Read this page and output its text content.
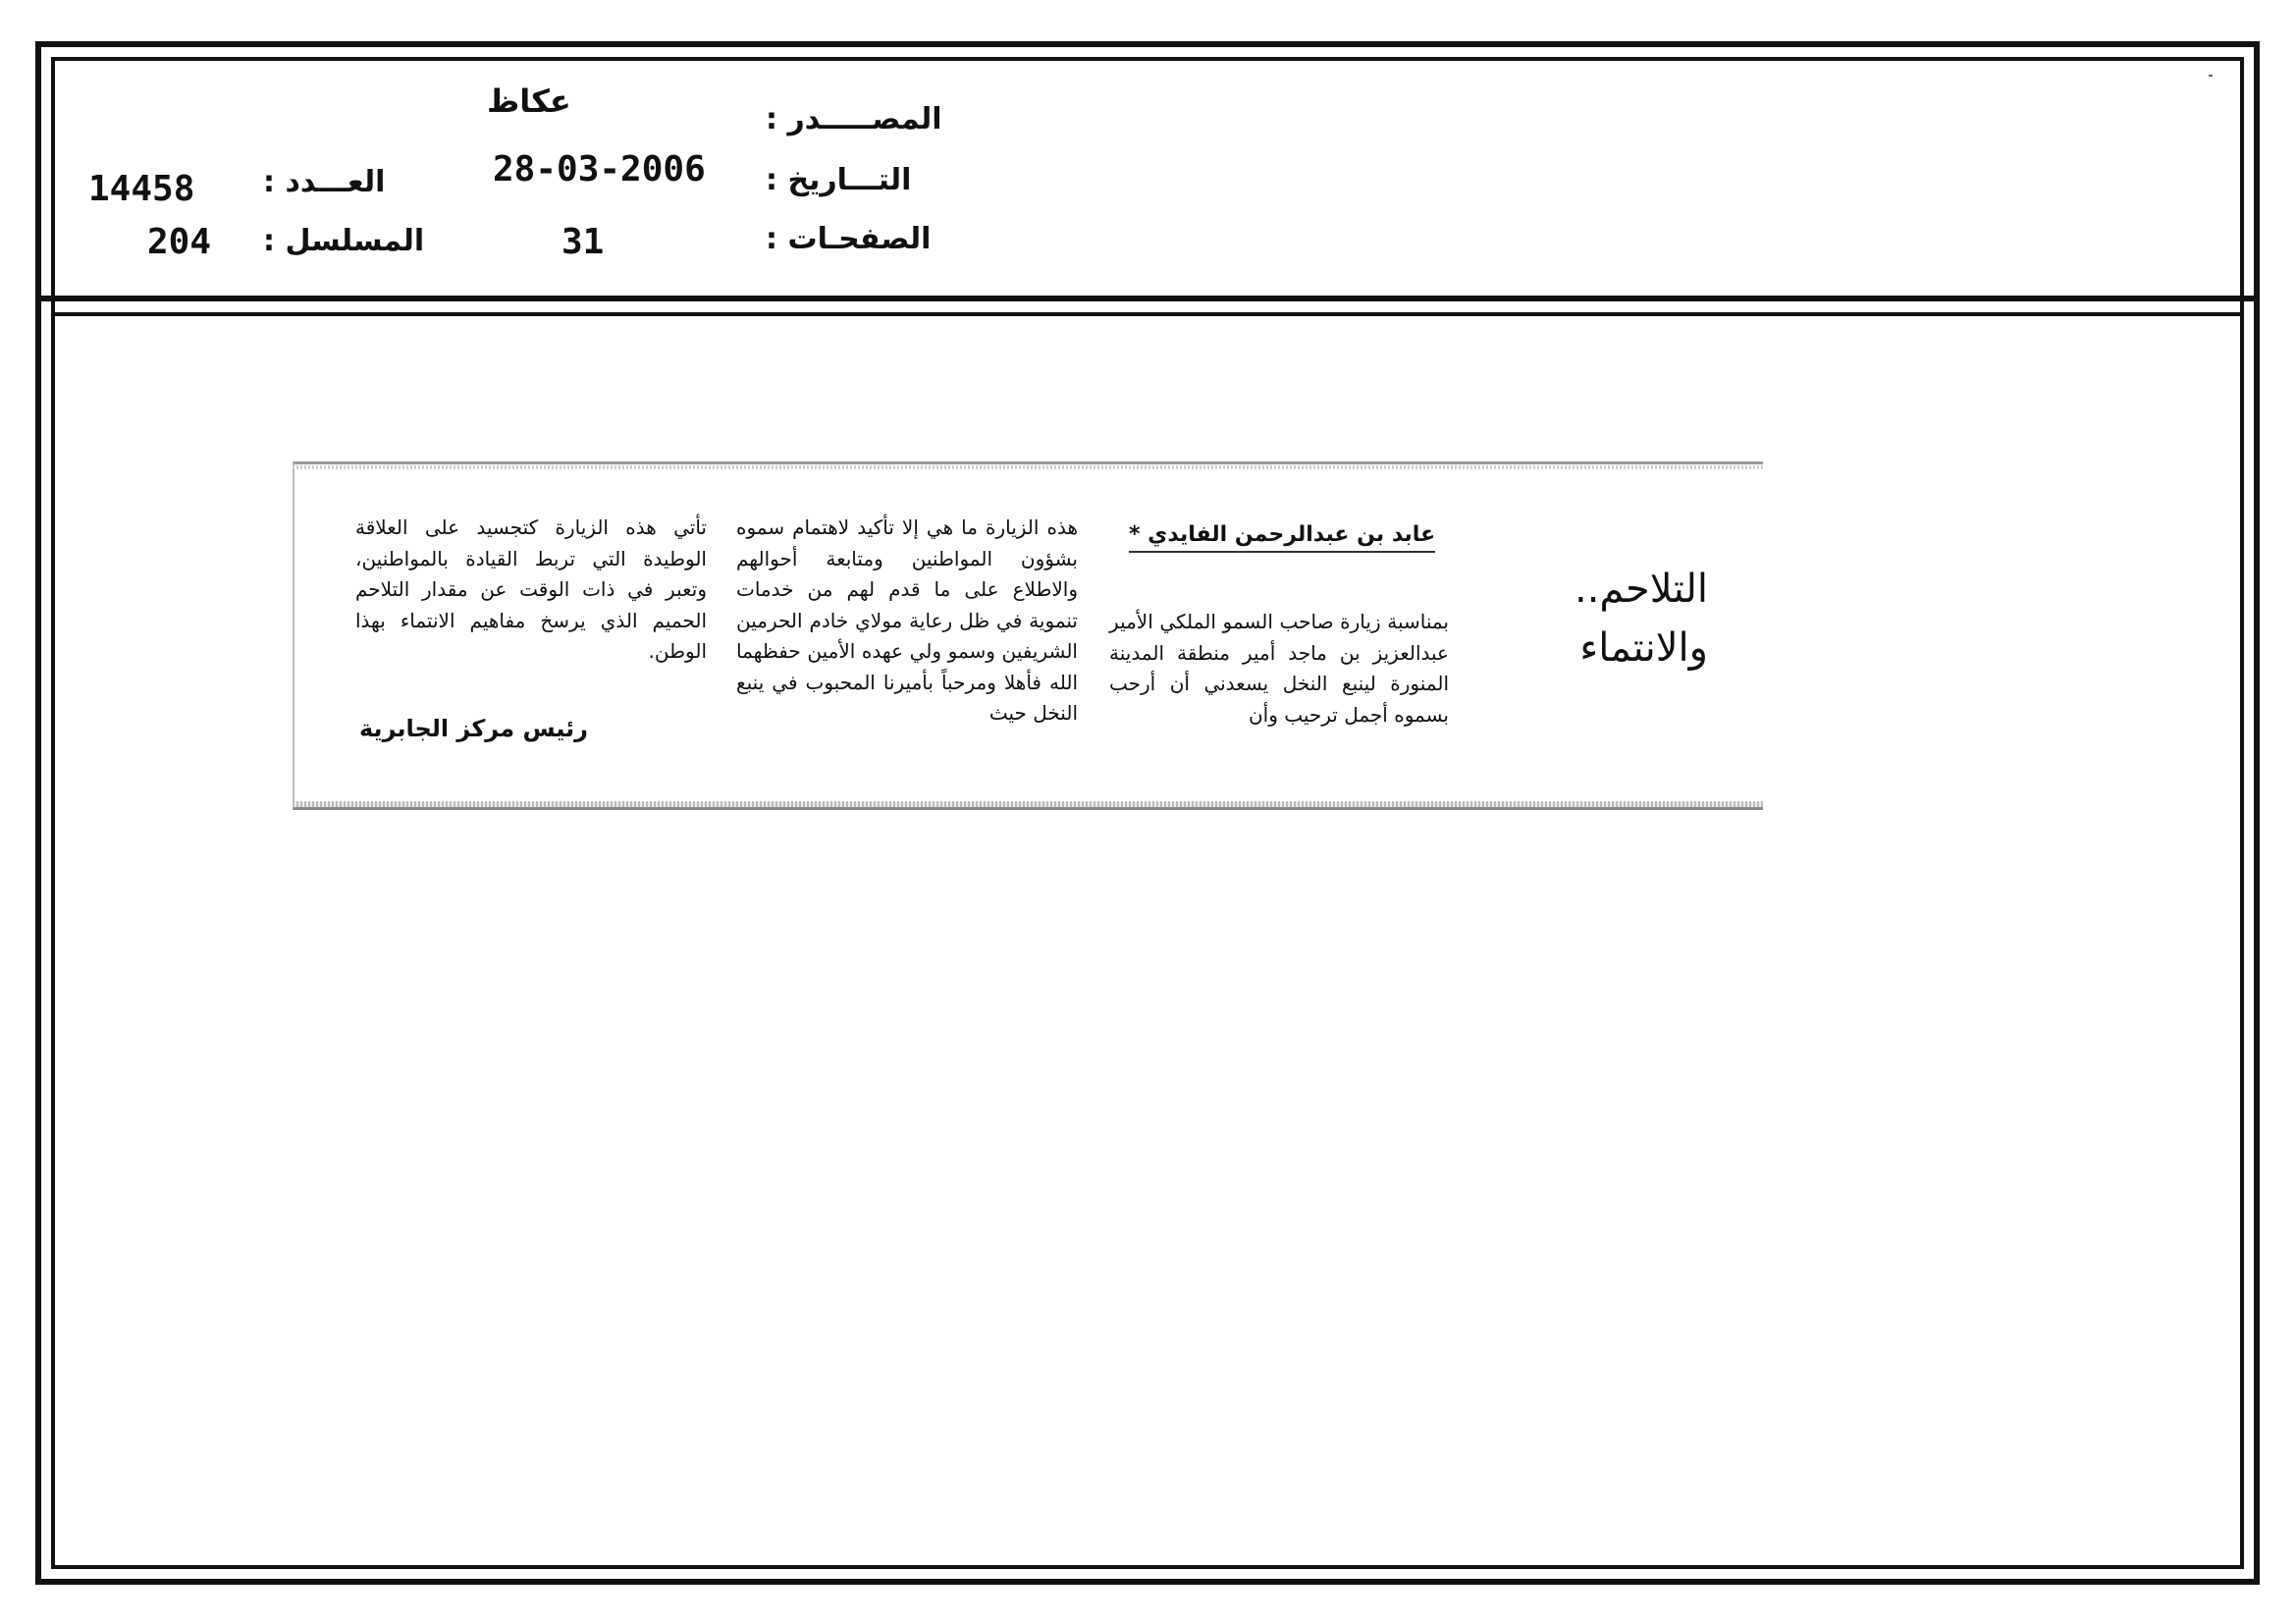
المصـــــدر :
عكاظ
التـــاريخ :
28-03-2006
الصفحـات :
31
العـــدد :
14458
المسلسل :
204
التلاحم..
والانتماء
عابد بن عبدالرحمن الفايدي *

بمناسبة زيارة صاحب السمو الملكي الأمير عبدالعزيز بن ماجد أمير منطقة المدينة المنورة لينبع النخل يسعدني أن أرحب بسموه أجمل ترحيب وأن

هذه الزيارة ما هي إلا تأكيد لاهتمام سموه بشؤون المواطنين ومتابعة أحوالهم والاطلاع على ما قدم لهم من خدمات تنموية في ظل رعاية مولاي خادم الحرمين الشريفين وسمو ولي عهده الأمين حفظهما الله فأهلا ومرحباً بأميرنا المحبوب في ينبع النخل حيث

تأتي هذه الزيارة كتجسيد على العلاقة الوطيدة التي تربط القيادة بالمواطنين، وتعبر في ذات الوقت عن مقدار التلاحم الحميم الذي يرسخ مفاهيم الانتماء بهذا الوطن.

رئيس مركز الجابرية
